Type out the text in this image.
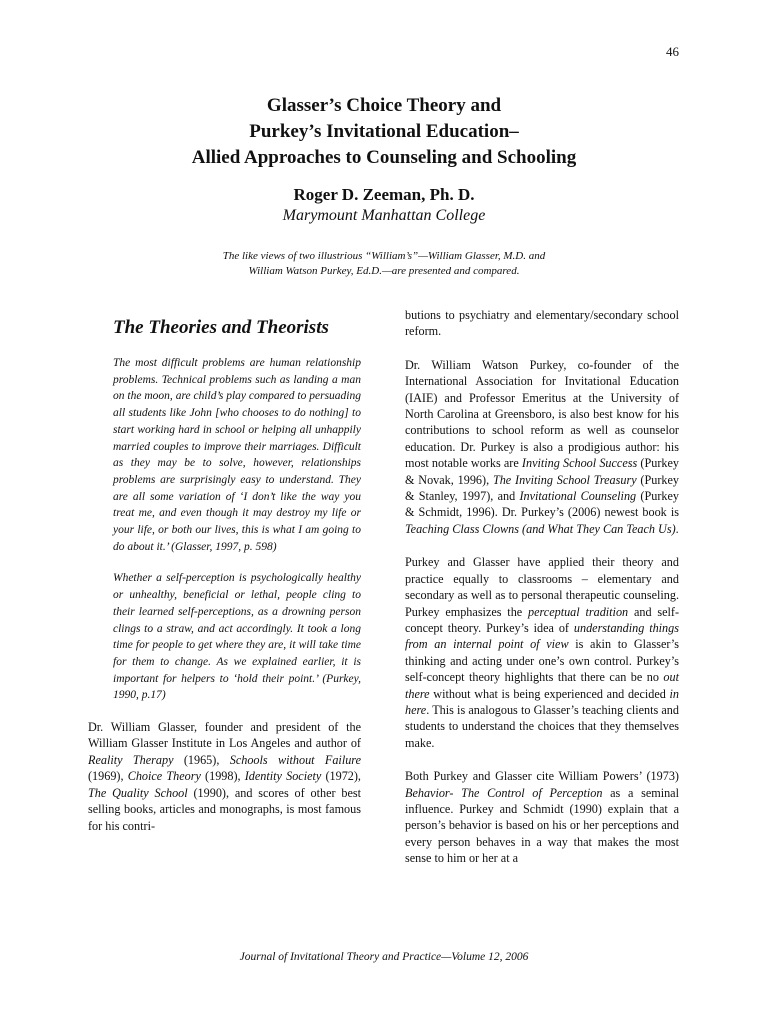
46
Glasser’s Choice Theory and
Purkey’s Invitational Education–
Allied Approaches to Counseling and Schooling
Roger D. Zeeman, Ph. D.
Marymount Manhattan College
The like views of two illustrious “William’s”—William Glasser, M.D. and
William Watson Purkey, Ed.D.—are presented and compared.
The Theories and Theorists

The most difficult problems are human relationship problems. Technical problems such as landing a man on the moon, are child’s play compared to persuading all students like John [who chooses to do nothing] to start working hard in school or helping all unhappily married couples to improve their marriages. Difficult as they may be to solve, however, relationships problems are surprisingly easy to understand. They are all some variation of ‘I don’t like the way you treat me, and even though it may destroy my life or your life, or both our lives, this is what I am going to do about it.’ (Glasser, 1997, p. 598)

Whether a self-perception is psychologically healthy or unhealthy, beneficial or lethal, people cling to their learned self-perceptions, as a drowning person clings to a straw, and act accordingly. It took a long time for people to get where they are, it will take time for them to change. As we explained earlier, it is important for helpers to ‘hold their point.’ (Purkey, 1990, p.17)

Dr. William Glasser, founder and president of the William Glasser Institute in Los Angeles and author of Reality Therapy (1965), Schools without Failure (1969), Choice Theory (1998), Identity Society (1972), The Quality School (1990), and scores of other best selling books, articles and monographs, is most famous for his contri-

butions to psychiatry and elementary/secondary school reform.

Dr. William Watson Purkey, co-founder of the International Association for Invitational Education (IAIE) and Professor Emeritus at the University of North Carolina at Greensboro, is also best know for his contributions to school reform as well as counselor education. Dr. Purkey is also a prodigious author: his most notable works are Inviting School Success (Purkey & Novak, 1996), The Inviting School Treasury (Purkey & Stanley, 1997), and Invitational Counseling (Purkey & Schmidt, 1996). Dr. Purkey’s (2006) newest book is Teaching Class Clowns (and What They Can Teach Us).

Purkey and Glasser have applied their theory and practice equally to classrooms – elementary and secondary as well as to personal therapeutic counseling. Purkey emphasizes the perceptual tradition and self-concept theory. Purkey’s idea of understanding things from an internal point of view is akin to Glasser’s thinking and acting under one’s own control. Purkey’s self-concept theory highlights that there can be no out there without what is being experienced and decided in here. This is analogous to Glasser’s teaching clients and students to understand the choices that they themselves make.

Both Purkey and Glasser cite William Powers’ (1973) Behavior- The Control of Perception as a seminal influence. Purkey and Schmidt (1990) explain that a person’s behavior is based on his or her perceptions and every person behaves in a way that makes the most sense to him or her at a

Journal of Invitational Theory and Practice—Volume 12, 2006
